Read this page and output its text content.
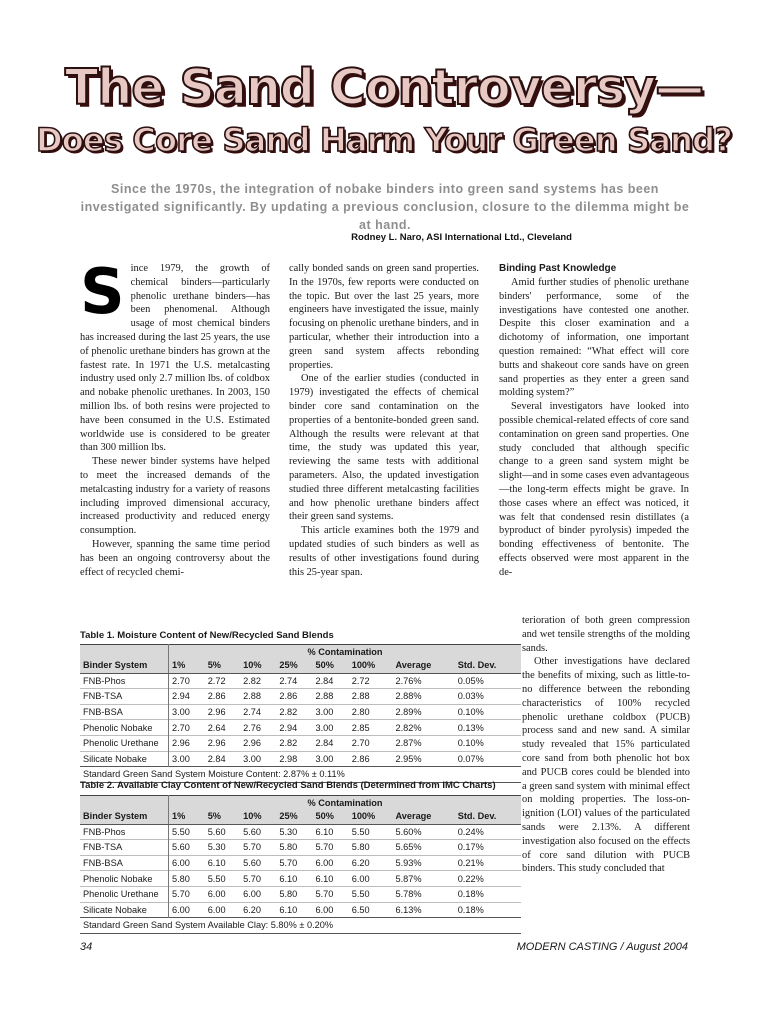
The Sand Controversy—
Does Core Sand Harm Your Green Sand?
Since the 1970s, the integration of nobake binders into green sand systems has been investigated significantly. By updating a previous conclusion, closure to the dilemma might be at hand.
Rodney L. Naro, ASI International Ltd., Cleveland
S ince 1979, the growth of chemical binders—particularly phenolic urethane binders—has been phenomenal. Although usage of most chemical binders has increased during the last 25 years, the use of phenolic urethane binders has grown at the fastest rate. In 1971 the U.S. metalcasting industry used only 2.7 million lbs. of coldbox and nobake phenolic urethanes. In 2003, 150 million lbs. of both resins were projected to have been consumed in the U.S. Estimated worldwide use is considered to be greater than 300 million lbs.

These newer binder systems have helped to meet the increased demands of the metalcasting industry for a variety of reasons including improved dimensional accuracy, increased productivity and reduced energy consumption.

However, spanning the same time period has been an ongoing controversy about the effect of recycled chemi-

cally bonded sands on green sand properties. In the 1970s, few reports were conducted on the topic. But over the last 25 years, more engineers have investigated the issue, mainly focusing on phenolic urethane binders, and in particular, whether their introduction into a green sand system affects rebonding properties.

One of the earlier studies (conducted in 1979) investigated the effects of chemical binder core sand contamination on the properties of a bentonite-bonded green sand. Although the results were relevant at that time, the study was updated this year, reviewing the same tests with additional parameters. Also, the updated investigation studied three different metalcasting facilities and how phenolic urethane binders affect their green sand systems.

This article examines both the 1979 and updated studies of such binders as well as results of other investigations found during this 25-year span.

Binding Past Knowledge

Amid further studies of phenolic urethane binders' performance, some of the investigations have contested one another. Despite this closer examination and a dichotomy of information, one important question remained: “What effect will core butts and shakeout core sands have on green sand properties as they enter a green sand molding system?”

Several investigators have looked into possible chemical-related effects of core sand contamination on green sand properties. One study concluded that although specific change to a green sand system might be slight—and in some cases even advantageous—the long-term effects might be grave. In those cases where an effect was noticed, it was felt that condensed resin distillates (a byproduct of binder pyrolysis) impeded the bonding effectiveness of bentonite. The effects observed were most apparent in the de-

terioration of both green compression and wet tensile strengths of the molding sands.

Other investigations have declared the benefits of mixing, such as little-to-no difference between the rebonding characteristics of 100% recycled phenolic urethane coldbox (PUCB) process sand and new sand. A similar study revealed that 15% particulated core sand from both phenolic hot box and PUCB cores could be blended into a green sand system with minimal effect on molding properties. The loss-on-ignition (LOI) values of the particulated sands were 2.13%. A different investigation also focused on the effects of core sand dilution with PUCB binders. This study concluded that

Table 1. Moisture Content of New/Recycled Sand Blends
	% Contamination							
Binder System	1%	5%	10%	25%	50%	100%	Average	Std. Dev.
FNB-Phos	2.70	2.72	2.82	2.74	2.84	2.72	2.76%	0.05%
FNB-TSA	2.94	2.86	2.88	2.86	2.88	2.88	2.88%	0.03%
FNB-BSA	3.00	2.96	2.74	2.82	3.00	2.80	2.89%	0.10%
Phenolic Nobake	2.70	2.64	2.76	2.94	3.00	2.85	2.82%	0.13%
Phenolic Urethane	2.96	2.96	2.96	2.82	2.84	2.70	2.87%	0.10%
Silicate Nobake	3.00	2.84	3.00	2.98	3.00	2.86	2.95%	0.07%
Standard Green Sand System Moisture Content: 2.87% ± 0.11%								
Table 2. Available Clay Content of New/Recycled Sand Blends (Determined from IMC Charts)
	% Contamination							
Binder System	1%	5%	10%	25%	50%	100%	Average	Std. Dev.
FNB-Phos	5.50	5.60	5.60	5.30	6.10	5.50	5.60%	0.24%
FNB-TSA	5.60	5.30	5.70	5.80	5.70	5.80	5.65%	0.17%
FNB-BSA	6.00	6.10	5.60	5.70	6.00	6.20	5.93%	0.21%
Phenolic Nobake	5.80	5.50	5.70	6.10	6.10	6.00	5.87%	0.22%
Phenolic Urethane	5.70	6.00	6.00	5.80	5.70	5.50	5.78%	0.18%
Silicate Nobake	6.00	6.00	6.20	6.10	6.00	6.50	6.13%	0.18%
Standard Green Sand System Available Clay: 5.80% ± 0.20%								
34	MODERN CASTING / August 2004
